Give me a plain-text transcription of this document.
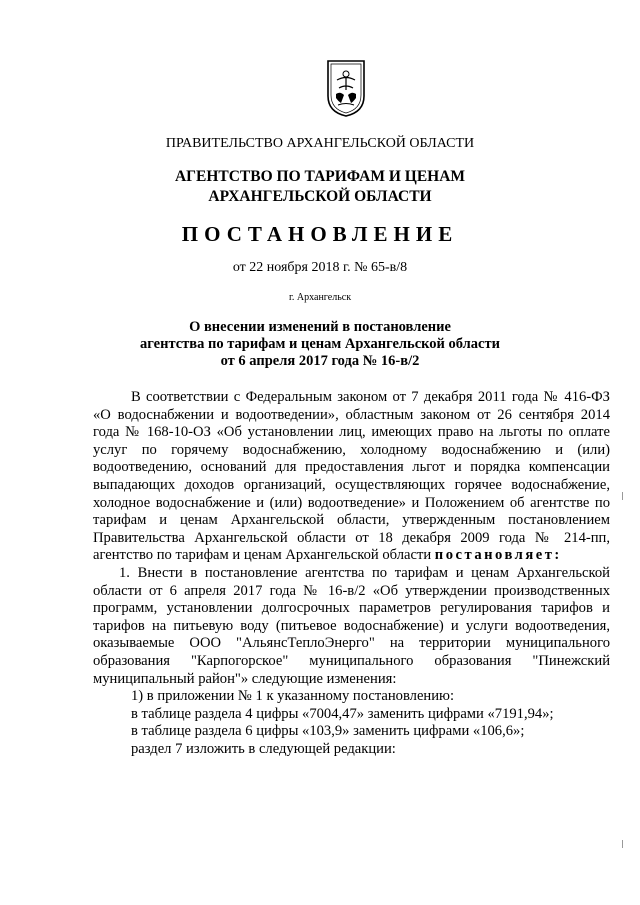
ПРАВИТЕЛЬСТВО АРХАНГЕЛЬСКОЙ ОБЛАСТИ
АГЕНТСТВО ПО ТАРИФАМ И ЦЕНАМ
АРХАНГЕЛЬСКОЙ ОБЛАСТИ
ПОСТАНОВЛЕНИЕ
от 22 ноября 2018 г. № 65-в/8
г. Архангельск
О внесении изменений в постановление
агентства по тарифам и ценам Архангельской области
от 6 апреля 2017 года № 16-в/2

В соответствии с Федеральным законом от 7 декабря 2011 года № 416-ФЗ «О водоснабжении и водоотведении», областным законом от 26 сентября 2014 года № 168-10-ОЗ «Об установлении лиц, имеющих право на льготы по оплате услуг по горячему водоснабжению, холодному водоснабжению и (или) водоотведению, оснований для предоставления льгот и порядка компенсации выпадающих доходов организаций, осуществляющих горячее водоснабжение, холодное водоснабжение и (или) водоотведение» и Положением об агентстве по тарифам и ценам Архангельской области, утвержденным постановлением Правительства Архангельской области от 18 декабря 2009 года № 214-пп, агентство по тарифам и ценам Архангельской области постановляет:

1. Внести в постановление агентства по тарифам и ценам Архангельской области от 6 апреля 2017 года № 16-в/2 «Об утверждении производственных программ, установлении долгосрочных параметров регулирования тарифов и тарифов на питьевую воду (питьевое водоснабжение) и услуги водоотведения, оказываемые ООО "АльянсТеплоЭнерго" на территории муниципального образования "Карпогорское" муниципального образования "Пинежский муниципальный район"» следующие изменения:

1) в приложении № 1 к указанному постановлению:

в таблице раздела 4 цифры «7004,47» заменить цифрами «7191,94»;

в таблице раздела 6 цифры «103,9» заменить цифрами «106,6»;

раздел 7 изложить в следующей редакции:
